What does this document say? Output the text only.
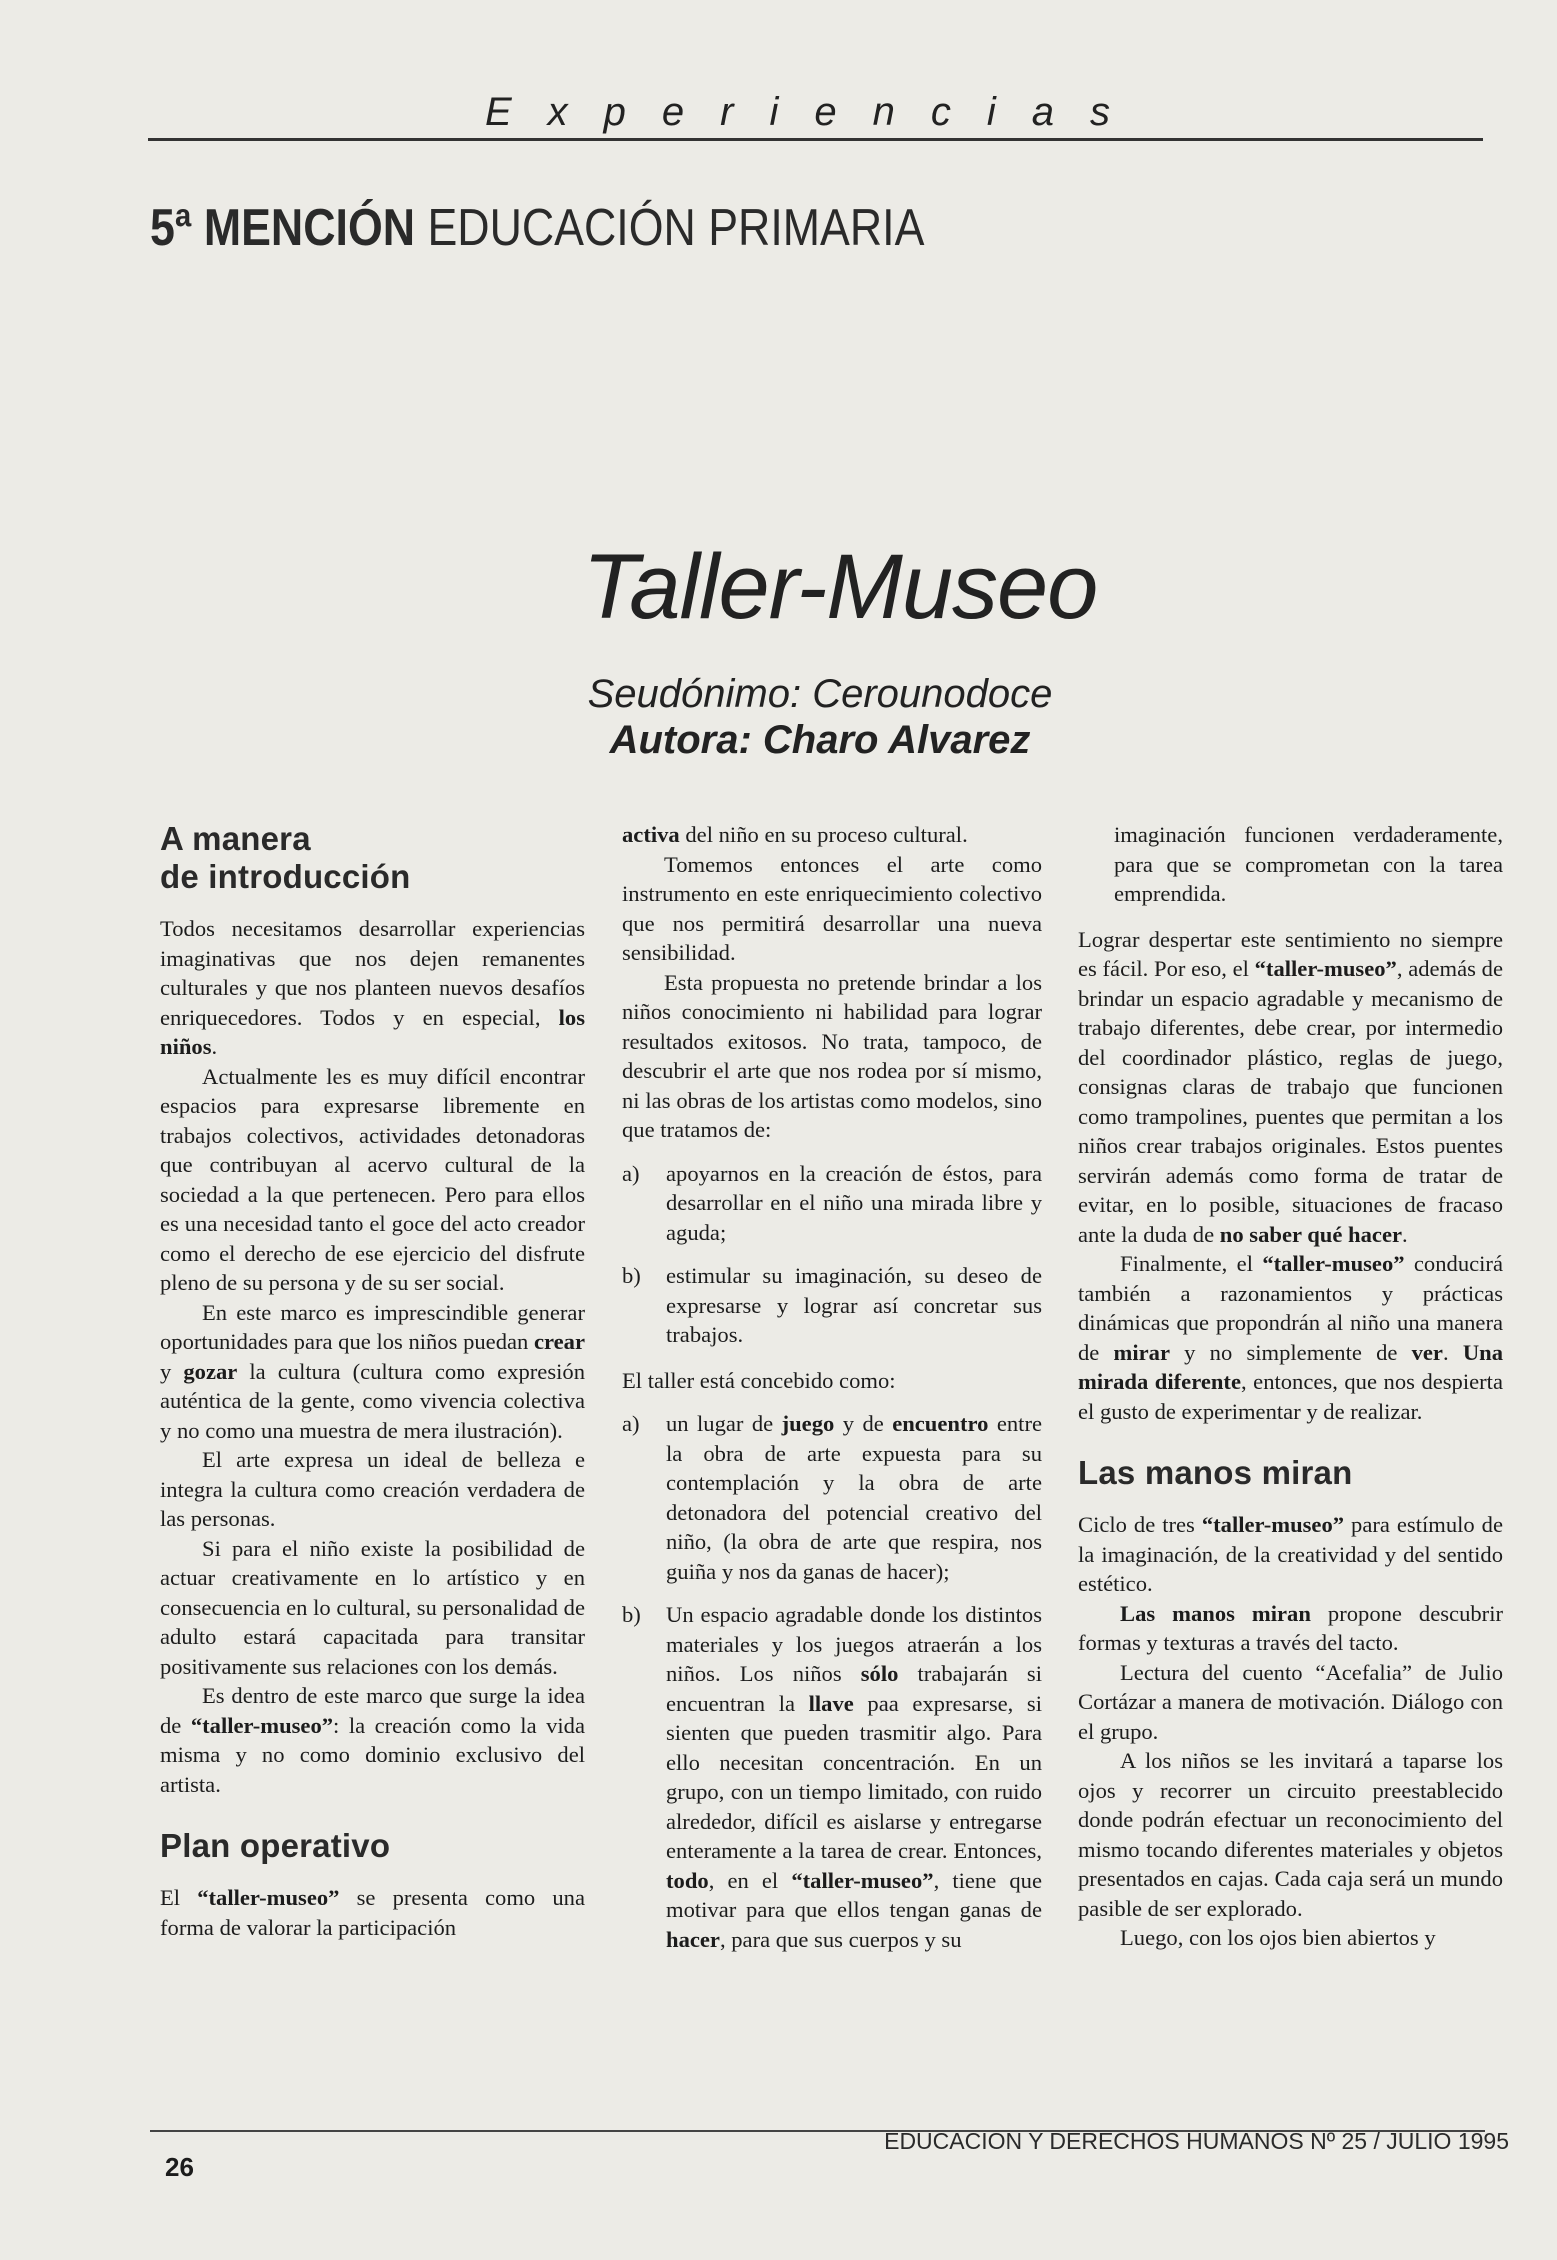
Experiencias
5ª MENCIÓN EDUCACIÓN PRIMARIA
Taller-Museo
Seudónimo: Cerounodoce
Autora: Charo Alvarez
A manera
de introducción

Todos necesitamos desarrollar experiencias imaginativas que nos dejen remanentes culturales y que nos planteen nuevos desafíos enriquecedores. Todos y en especial, los niños.

Actualmente les es muy difícil encontrar espacios para expresarse libremente en trabajos colectivos, actividades detonadoras que contribuyan al acervo cultural de la sociedad a la que pertenecen. Pero para ellos es una necesidad tanto el goce del acto creador como el derecho de ese ejercicio del disfrute pleno de su persona y de su ser social.

En este marco es imprescindible generar oportunidades para que los niños puedan crear y gozar la cultura (cultura como expresión auténtica de la gente, como vivencia colectiva y no como una muestra de mera ilustración).

El arte expresa un ideal de belleza e integra la cultura como creación verdadera de las personas.

Si para el niño existe la posibilidad de actuar creativamente en lo artístico y en consecuencia en lo cultural, su personalidad de adulto estará capacitada para transitar positivamente sus relaciones con los demás.

Es dentro de este marco que surge la idea de “taller-museo”: la creación como la vida misma y no como dominio exclusivo del artista.

Plan operativo

El “taller-museo” se presenta como una forma de valorar la participación

activa del niño en su proceso cultural.

Tomemos entonces el arte como instrumento en este enriquecimiento colectivo que nos permitirá desarrollar una nueva sensibilidad.

Esta propuesta no pretende brindar a los niños conocimiento ni habilidad para lograr resultados exitosos. No trata, tampoco, de descubrir el arte que nos rodea por sí mismo, ni las obras de los artistas como modelos, sino que tratamos de:

a)	apoyarnos en la creación de éstos, para desarrollar en el niño una mirada libre y aguda;
b)	estimular su imaginación, su deseo de expresarse y lograr así concretar sus trabajos.

El taller está concebido como:

a)	un lugar de juego y de encuentro entre la obra de arte expuesta para su contemplación y la obra de arte detonadora del potencial creativo del niño, (la obra de arte que respira, nos guiña y nos da ganas de hacer);
b)	Un espacio agradable donde los distintos materiales y los juegos atraerán a los niños. Los niños sólo trabajarán si encuentran la llave paa expresarse, si sienten que pueden trasmitir algo. Para ello necesitan concentración. En un grupo, con un tiempo limitado, con ruido alrededor, difícil es aislarse y entregarse enteramente a la tarea de crear. Entonces, todo, en el “taller-museo”, tiene que motivar para que ellos tengan ganas de hacer, para que sus cuerpos y su

imaginación funcionen verdaderamente, para que se comprometan con la tarea emprendida.

Lograr despertar este sentimiento no siempre es fácil. Por eso, el “taller-museo”, además de brindar un espacio agradable y mecanismo de trabajo diferentes, debe crear, por intermedio del coordinador plástico, reglas de juego, consignas claras de trabajo que funcionen como trampolines, puentes que permitan a los niños crear trabajos originales. Estos puentes servirán además como forma de tratar de evitar, en lo posible, situaciones de fracaso ante la duda de no saber qué hacer.

Finalmente, el “taller-museo” conducirá también a razonamientos y prácticas dinámicas que propondrán al niño una manera de mirar y no simplemente de ver. Una mirada diferente, entonces, que nos despierta el gusto de experimentar y de realizar.

Las manos miran

Ciclo de tres “taller-museo” para estímulo de la imaginación, de la creatividad y del sentido estético.

Las manos miran propone descubrir formas y texturas a través del tacto.

Lectura del cuento “Acefalia” de Julio Cortázar a manera de motivación. Diálogo con el grupo.

A los niños se les invitará a taparse los ojos y recorrer un circuito preestablecido donde podrán efectuar un reconocimiento del mismo tocando diferentes materiales y objetos presentados en cajas. Cada caja será un mundo pasible de ser explorado.

Luego, con los ojos bien abiertos y

26
EDUCACION Y DERECHOS HUMANOS Nº 25 / JULIO 1995
